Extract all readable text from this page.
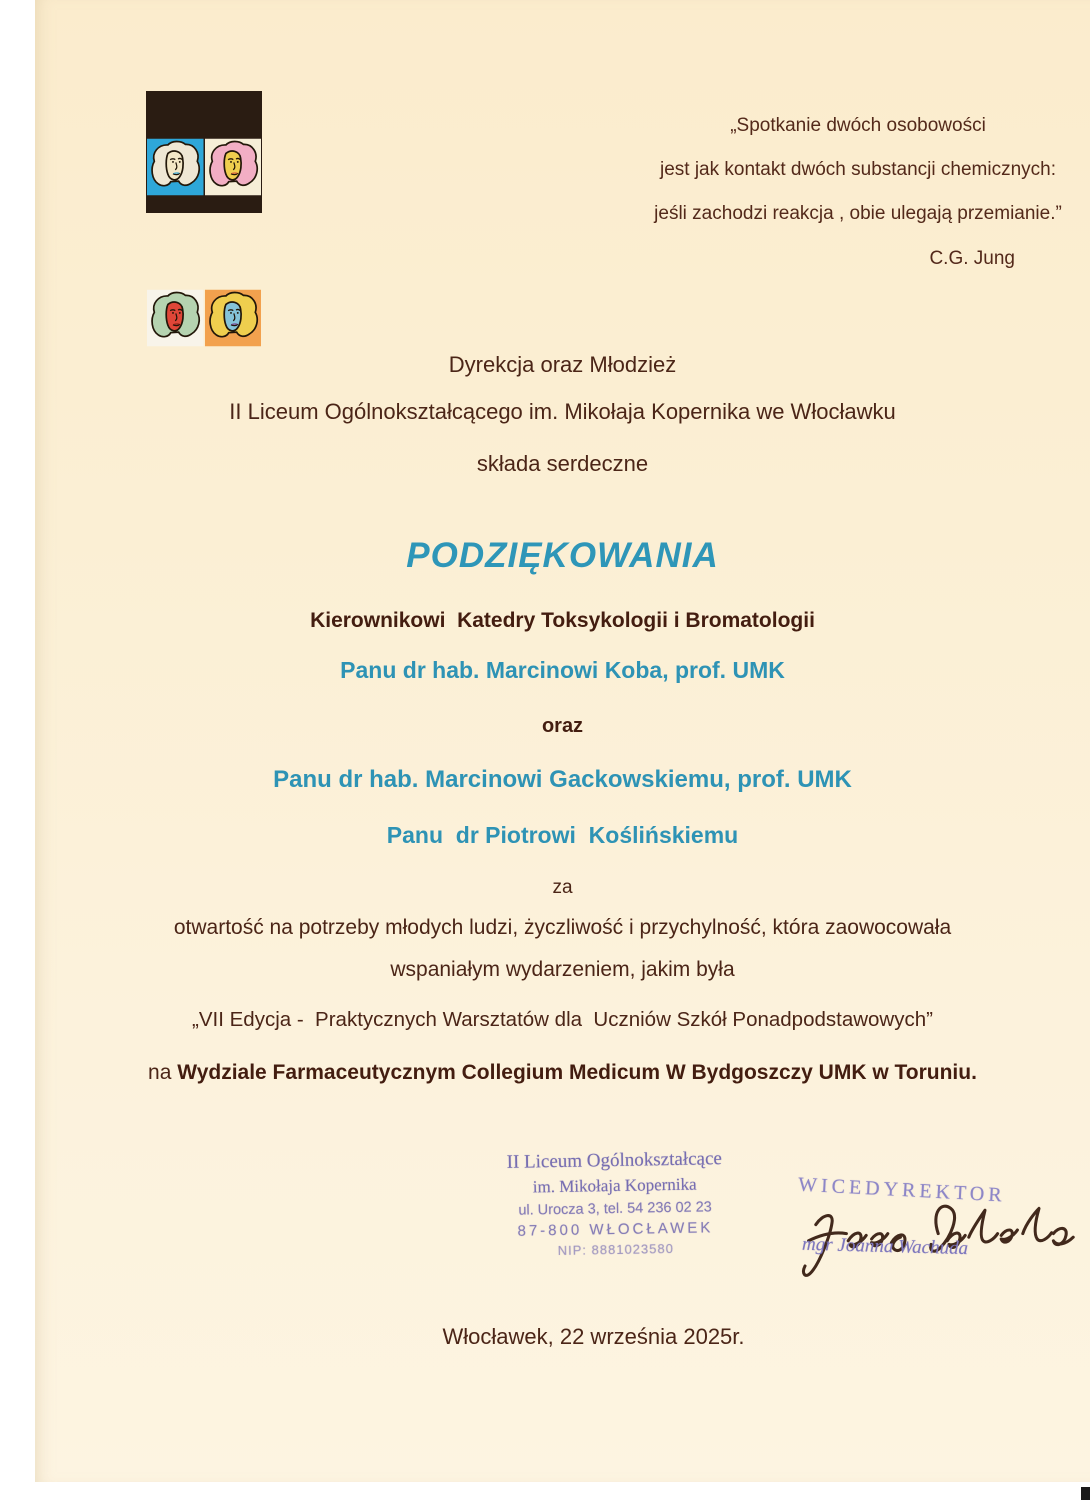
„Spotkanie dwóch osobowości
jest jak kontakt dwóch substancji chemicznych:
jeśli zachodzi reakcja , obie ulegają przemianie.”
C.G. Jung
Dyrekcja oraz Młodzież
II Liceum Ogólnokształcącego im. Mikołaja Kopernika we Włocławku
składa serdeczne
PODZIĘKOWANIA
Kierownikowi  Katedry Toksykologii i Bromatologii
Panu dr hab. Marcinowi Koba, prof. UMK
oraz
Panu dr hab. Marcinowi Gackowskiemu, prof. UMK
Panu  dr Piotrowi  Koślińskiemu
za
otwartość na potrzeby młodych ludzi, życzliwość i przychylność, która zaowocowała
wspaniałym wydarzeniem, jakim była
„VII Edycja -  Praktycznych Warsztatów dla  Uczniów Szkół Ponadpodstawowych”
na Wydziale Farmaceutycznym Collegium Medicum W Bydgoszczy UMK w Toruniu.
II Liceum Ogólnokształcące
im. Mikołaja Kopernika
ul. Urocza 3, tel. 54 236 02 23
87-800 WŁOCŁAWEK
NIP: 8881023580
WICEDYREKTOR
mgr Joanna Wachuda
Włocławek, 22 września 2025r.
